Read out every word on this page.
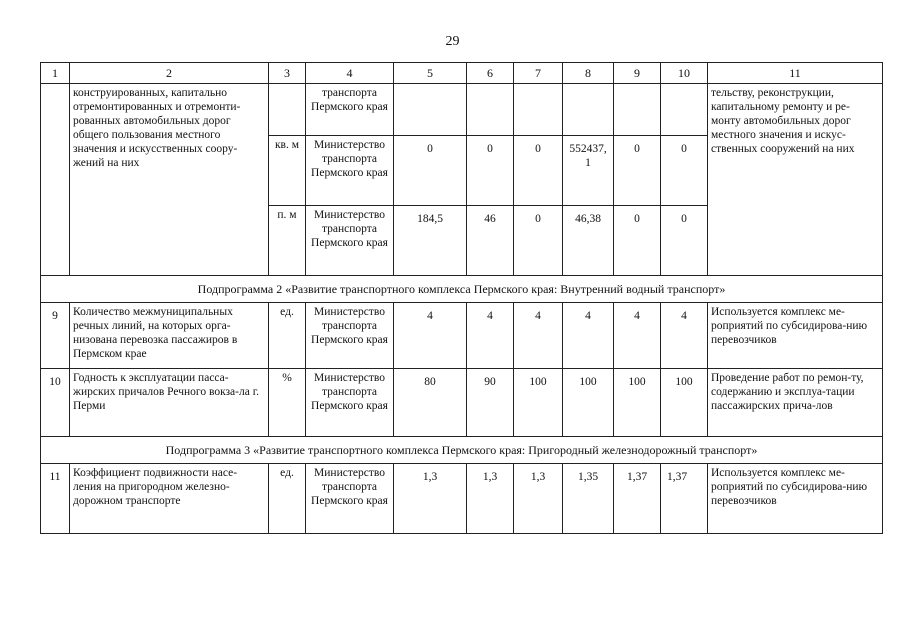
29
1	2	3	4	5	6	7	8	9	10	11
	конструированных, капитально отремонтированных и отремонти-рованных автомобильных дорог общего пользования местного значения и искусственных соору-жений на них		транспорта Пермского края							тельству, реконструкции, капитальному ремонту и ре-монту автомобильных дорог местного значения и искус-ственных сооружений на них
		кв. м	Министерство транспорта Пермского края	0	0	0	552437, 1	0	0	
		п. м	Министерство транспорта Пермского края	184,5	46	0	46,38	0	0	
Подпрограмма 2 «Развитие транспортного комплекса Пермского края: Внутренний водный транспорт»										
9	Количество межмуниципальных речных линий, на которых орга-низована перевозка пассажиров в Пермском крае	ед.	Министерство транспорта Пермского края	4	4	4	4	4	4	Используется комплекс ме-роприятий по субсидирова-нию перевозчиков
10	Годность к эксплуатации пасса-жирских причалов Речного вокза-ла г. Перми	%	Министерство транспорта Пермского края	80	90	100	100	100	100	Проведение работ по ремон-ту, содержанию и эксплуа-тации пассажирских прича-лов
Подпрограмма 3 «Развитие транспортного комплекса Пермского края: Пригородный железнодорожный транспорт»										
11	Коэффициент подвижности насе-ления на пригородном железно-дорожном транспорте	ед.	Министерство транспорта Пермского края	1,3	1,3	1,3	1,35	1,37	1,37	Используется комплекс ме-роприятий по субсидирова-нию перевозчиков
